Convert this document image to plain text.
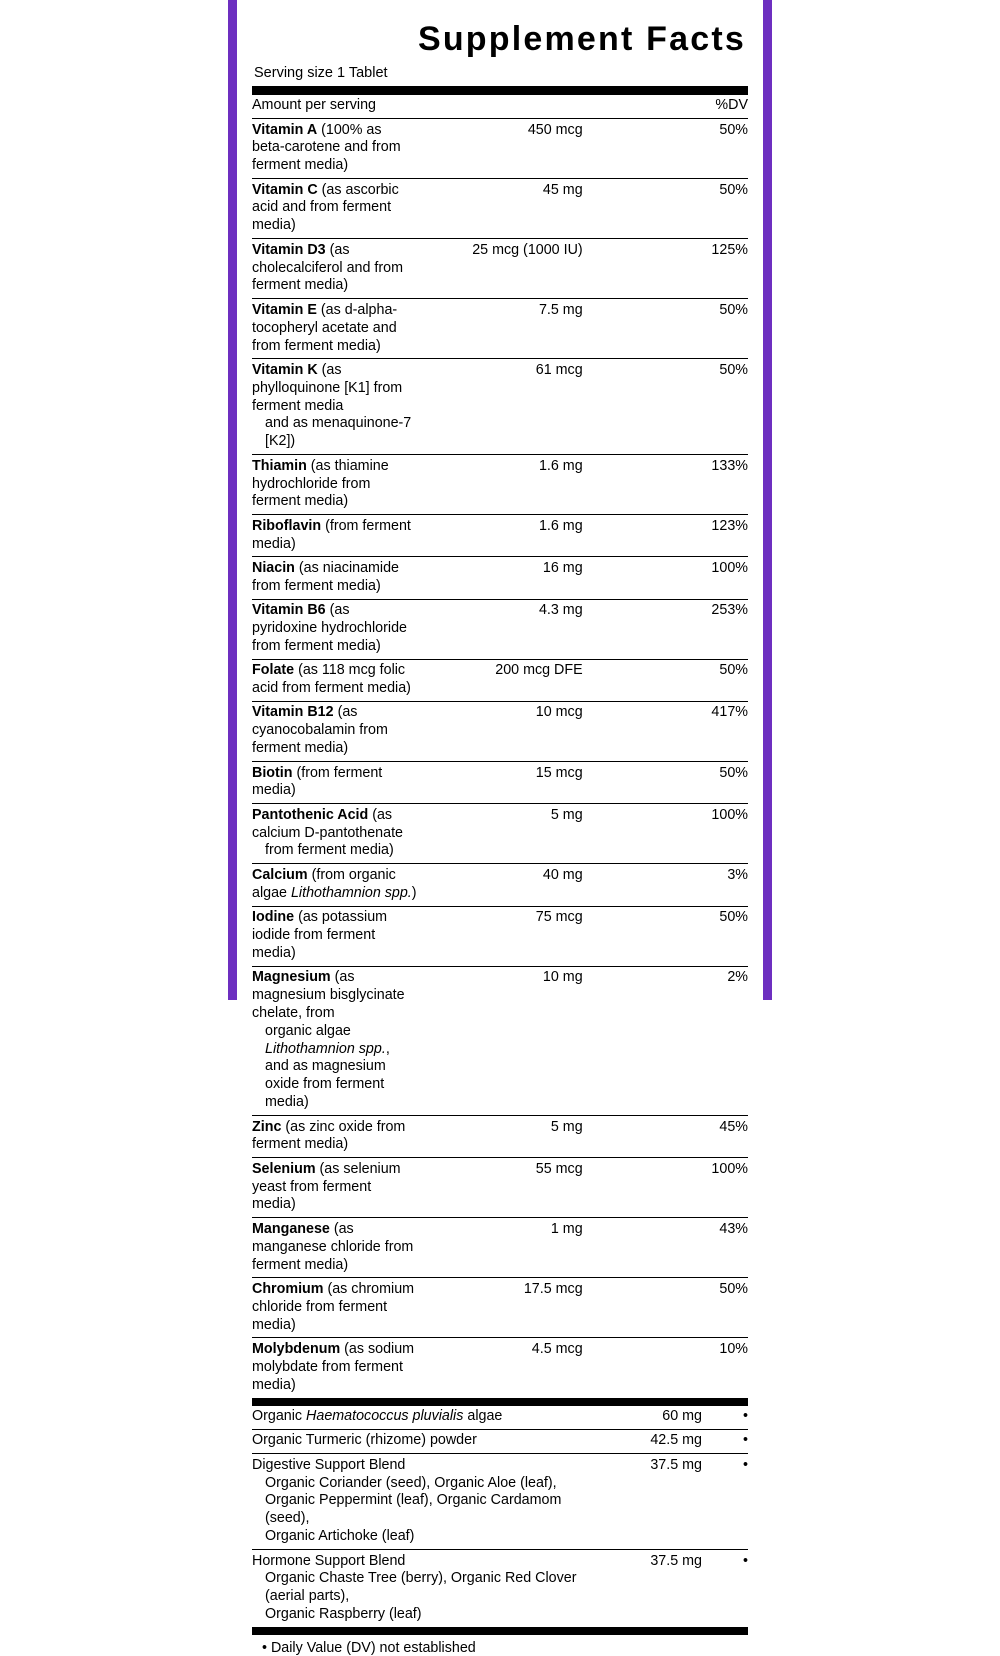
Supplement Facts
Serving size 1 Tablet
Amount per serving		%DV
Vitamin A (100% as beta-carotene and from ferment media)	450 mcg	50%
Vitamin C (as ascorbic acid and from ferment media)	45 mg	50%
Vitamin D3 (as cholecalciferol and from ferment media)	25 mcg (1000 IU)	125%
Vitamin E (as d-alpha-tocopheryl acetate and from ferment media)	7.5 mg	50%
Vitamin K (as phylloquinone [K1] from ferment media
and as menaquinone-7 [K2])	61 mcg	50%
Thiamin (as thiamine hydrochloride from ferment media)	1.6 mg	133%
Riboflavin (from ferment media)	1.6 mg	123%
Niacin (as niacinamide from ferment media)	16 mg	100%
Vitamin B6 (as pyridoxine hydrochloride from ferment media)	4.3 mg	253%
Folate (as 118 mcg folic acid from ferment media)	200 mcg DFE	50%
Vitamin B12 (as cyanocobalamin from ferment media)	10 mcg	417%
Biotin (from ferment media)	15 mcg	50%
Pantothenic Acid (as calcium D-pantothenate
from ferment media)	5 mg	100%
Calcium (from organic algae Lithothamnion spp.)	40 mg	3%
Iodine (as potassium iodide from ferment media)	75 mcg	50%
Magnesium (as magnesium bisglycinate chelate, from
organic algae Lithothamnion spp., and as magnesium
oxide from ferment media)	10 mg	2%
Zinc (as zinc oxide from ferment media)	5 mg	45%
Selenium (as selenium yeast from ferment media)	55 mcg	100%
Manganese (as manganese chloride from ferment media)	1 mg	43%
Chromium (as chromium chloride from ferment media)	17.5 mcg	50%
Molybdenum (as sodium molybdate from ferment media)	4.5 mcg	10%
Organic Haematococcus pluvialis algae	60 mg	•
Organic Turmeric (rhizome) powder	42.5 mg	•
Digestive Support Blend
Organic Coriander (seed), Organic Aloe (leaf),
Organic Peppermint (leaf), Organic Cardamom (seed),
Organic Artichoke (leaf)	37.5 mg	•
Hormone Support Blend
Organic Chaste Tree (berry), Organic Red Clover (aerial parts),
Organic Raspberry (leaf)	37.5 mg	•
• Daily Value (DV) not established
